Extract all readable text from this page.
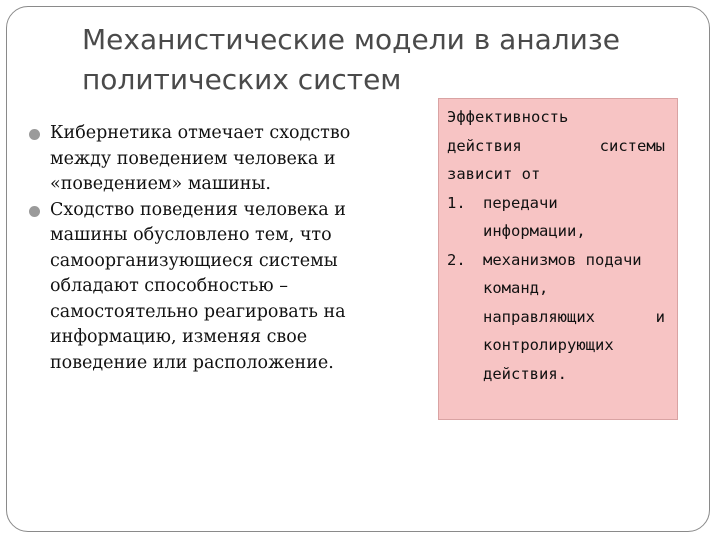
Механистические модели в анализе политических систем
Кибернетика отмечает сходство между поведением человека и «поведением» машины.
Сходство поведения человека и машины обусловлено тем, что самоорганизующиеся системы обладают способностью – самостоятельно реагировать на информацию, изменяя свое поведение или расположение.
Эффективность
действия	системы
зависит от
1. передачи
информации,
2. механизмов подачи
команд,
направляющих	и
контролирующих
действия.
